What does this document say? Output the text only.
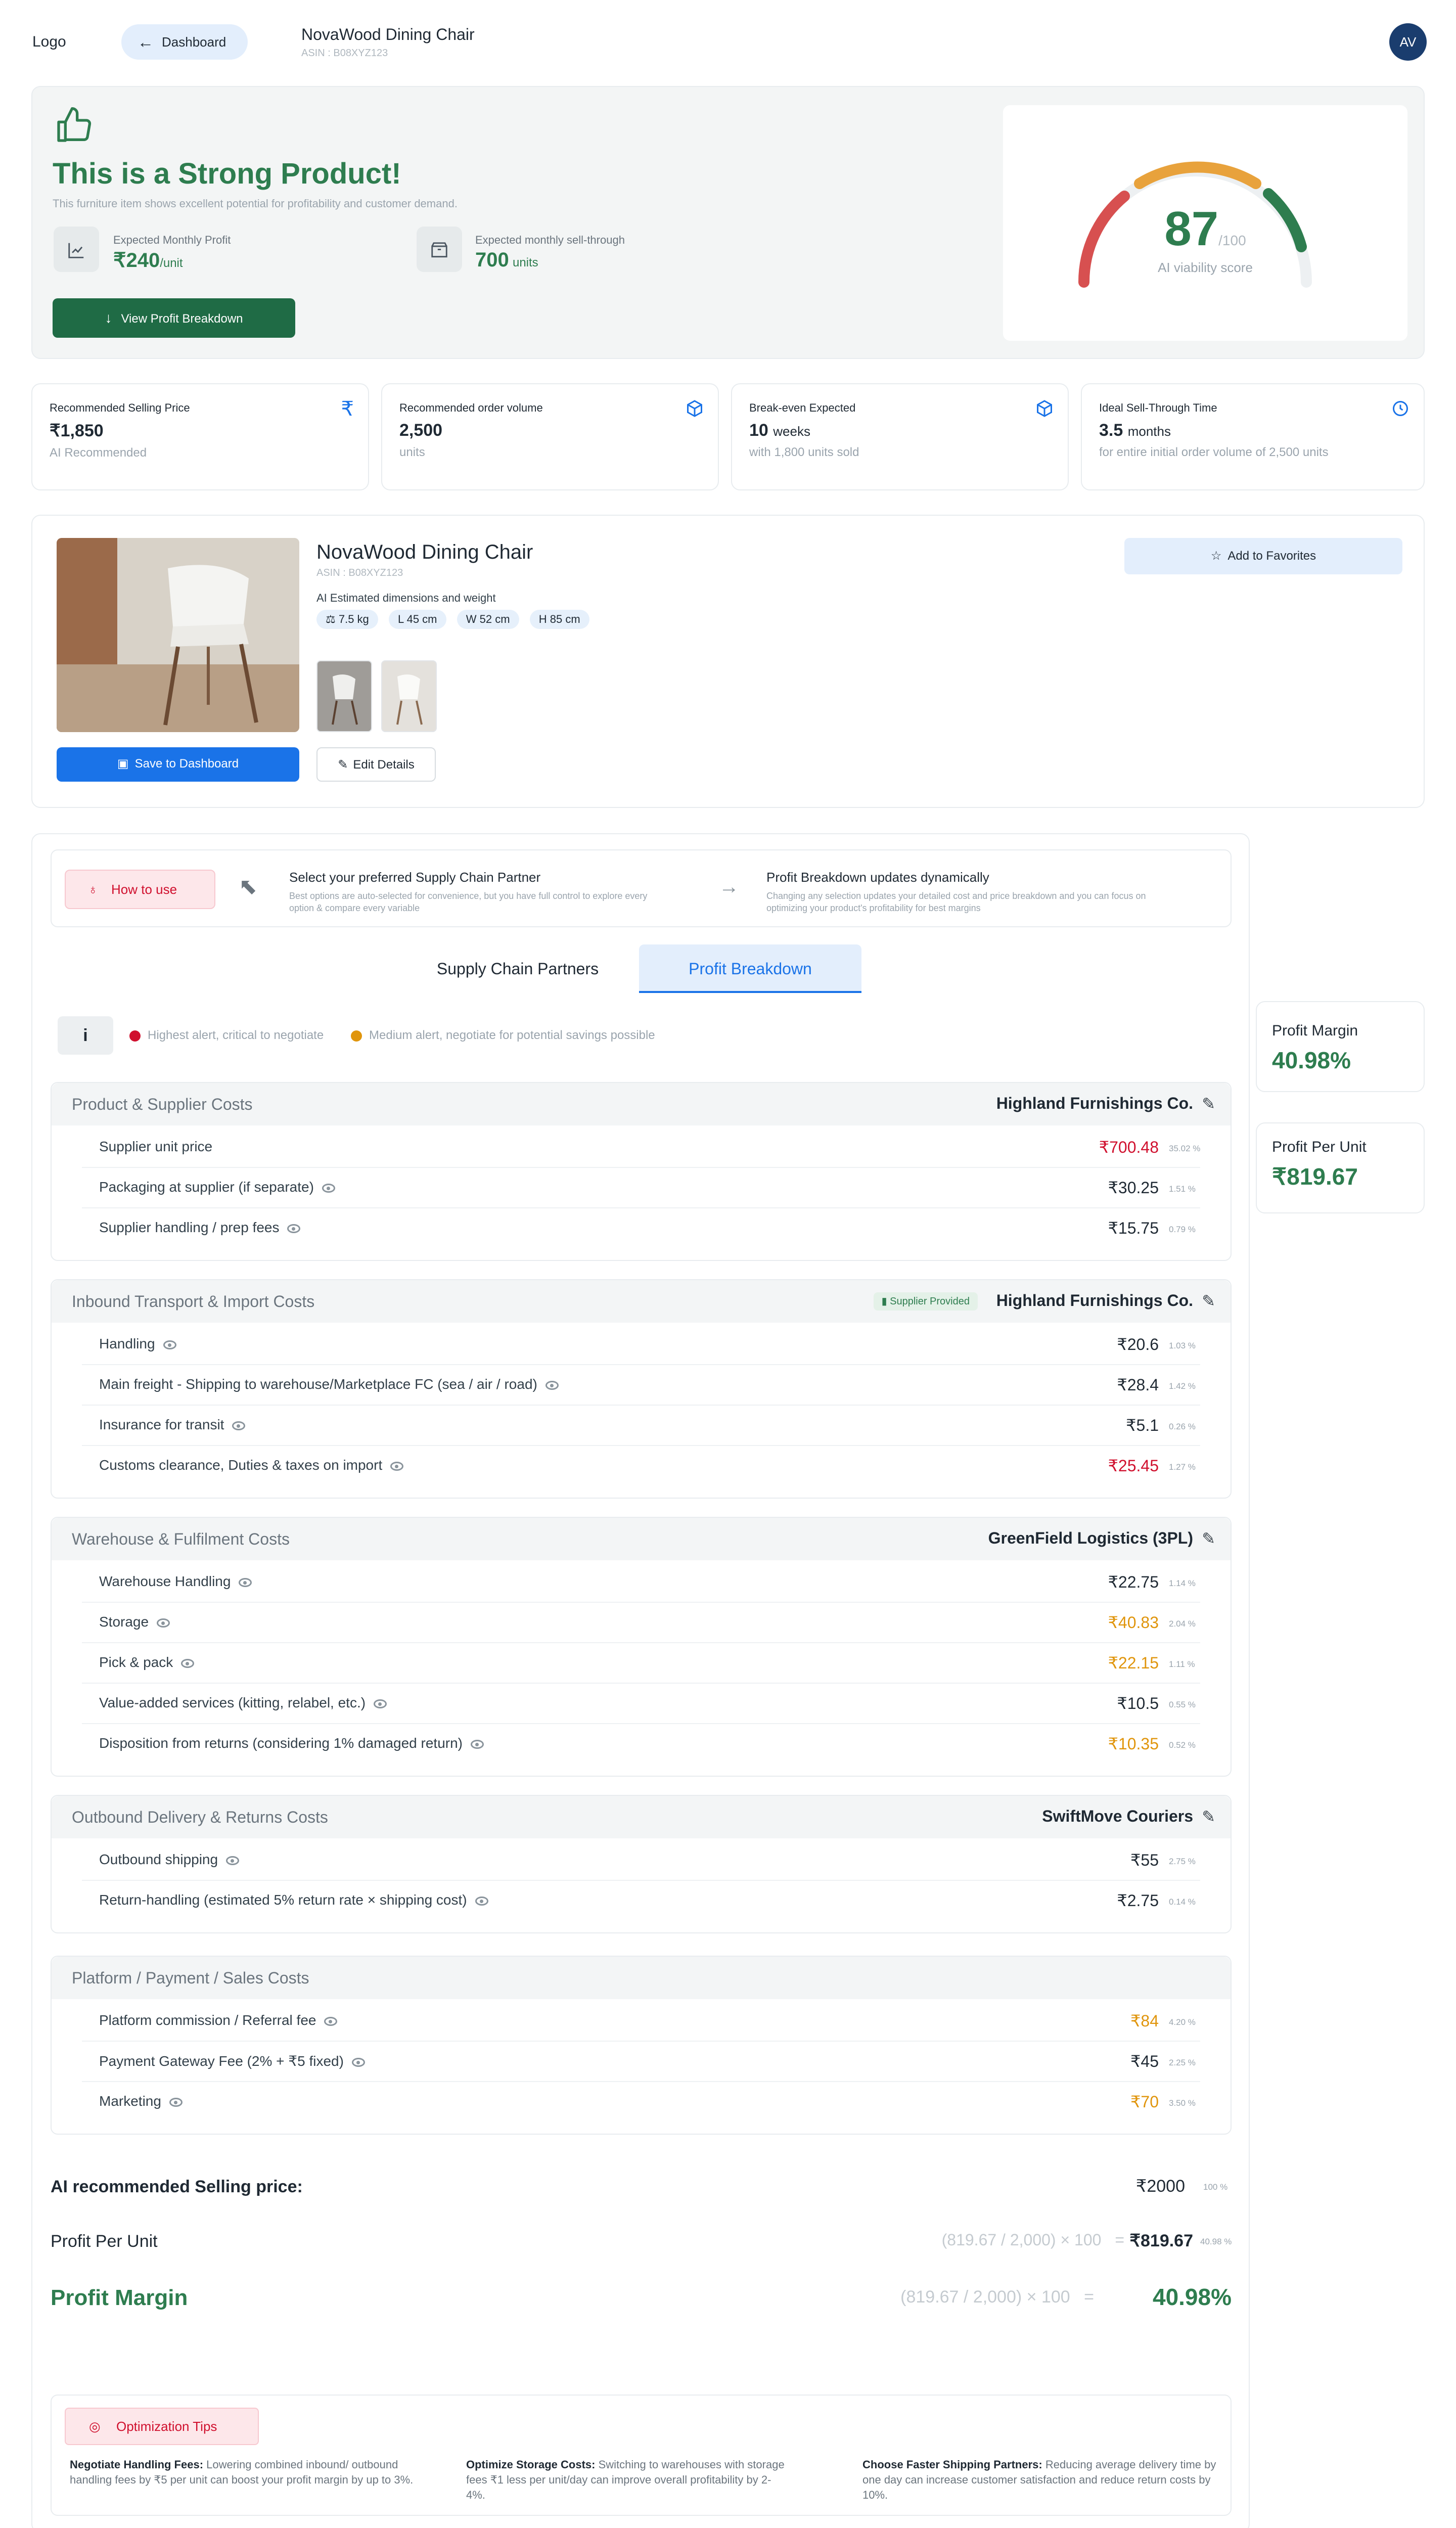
Logo	← Dashboard	NovaWood Dining Chair
ASIN : B08XYZ123
AV
This is a Strong Product!
This furniture item shows excellent potential for profitability and customer demand.
Expected Monthly Profit
₹240/unit
Expected monthly sell-through
700 units
↓ View Profit Breakdown
87/100
AI viability score
Recommended Selling Price
₹1,850
AI Recommended
₹	Recommended order volume
2,500
units
Break-even Expected
10 weeks
with 1,800 units sold
Ideal Sell-Through Time
3.5 months
for entire initial order volume of 2,500 units
NovaWood Dining Chair
ASIN : B08XYZ123
AI Estimated dimensions and weight
⚖ 7.5 kg	L 45 cm	W 52 cm	H 85 cm
▣ Save to Dashboard	✎ Edit Details
☆ Add to Favorites
♁ How to use	⬉ Select your preferred Supply Chain Partner
Best options are auto-selected for convenience, but you have full control to explore every option & compare every variable
→ Profit Breakdown updates dynamically
Changing any selection updates your detailed cost and price breakdown and you can focus on optimizing your product's profitability for best margins
Supply Chain Partners	Profit Breakdown
i	Highest alert, critical to negotiate	Medium alert, negotiate for potential savings possible
Product & Supplier Costs	Highland Furnishings Co. ✎
Supplier unit price	₹700.48 35.02 %
Packaging at supplier (if separate)	₹30.25 1.51 %
Supplier handling / prep fees	₹15.75 0.79 %
Inbound Transport & Import Costs	Highland Furnishings Co. ✎
▮ Supplier Provided
Handling	₹20.6 1.03 %
Main freight - Shipping to warehouse/Marketplace FC (sea / air / road)	₹28.4 1.42 %
Insurance for transit	₹5.1 0.26 %
Customs clearance, Duties & taxes on import	₹25.45 1.27 %
Warehouse & Fulfilment Costs	GreenField Logistics (3PL) ✎
Warehouse Handling	₹22.75 1.14 %
Storage	₹40.83 2.04 %
Pick & pack	₹22.15 1.11 %
Value-added services (kitting, relabel, etc.)	₹10.5 0.55 %
Disposition from returns (considering 1% damaged return)	₹10.35 0.52 %
Outbound Delivery & Returns Costs	SwiftMove Couriers ✎
Outbound shipping	₹55 2.75 %
Return-handling (estimated 5% return rate × shipping cost)	₹2.75 0.14 %
Platform / Payment / Sales Costs
Platform commission / Referral fee	₹84 4.20 %
Payment Gateway Fee (2% + ₹5 fixed)	₹45 2.25 %
Marketing	₹70 3.50 %
AI recommended Selling price:	₹2000 100 %
Profit Per Unit	(819.67 / 2,000) × 100 = ₹819.67 40.98 %
Profit Margin	(819.67 / 2,000) × 100 =	40.98%
◎ Optimization Tips
Negotiate Handling Fees: Lowering combined inbound/ outbound handling fees by ₹5 per unit can boost your profit margin by up to 3%.
Optimize Storage Costs: Switching to warehouses with storage fees ₹1 less per unit/day can improve overall profitability by 2-4%.
Choose Faster Shipping Partners: Reducing average delivery time by one day can increase customer satisfaction and reduce return costs by 10%.
Profit Margin
40.98%
Profit Per Unit
₹819.67
